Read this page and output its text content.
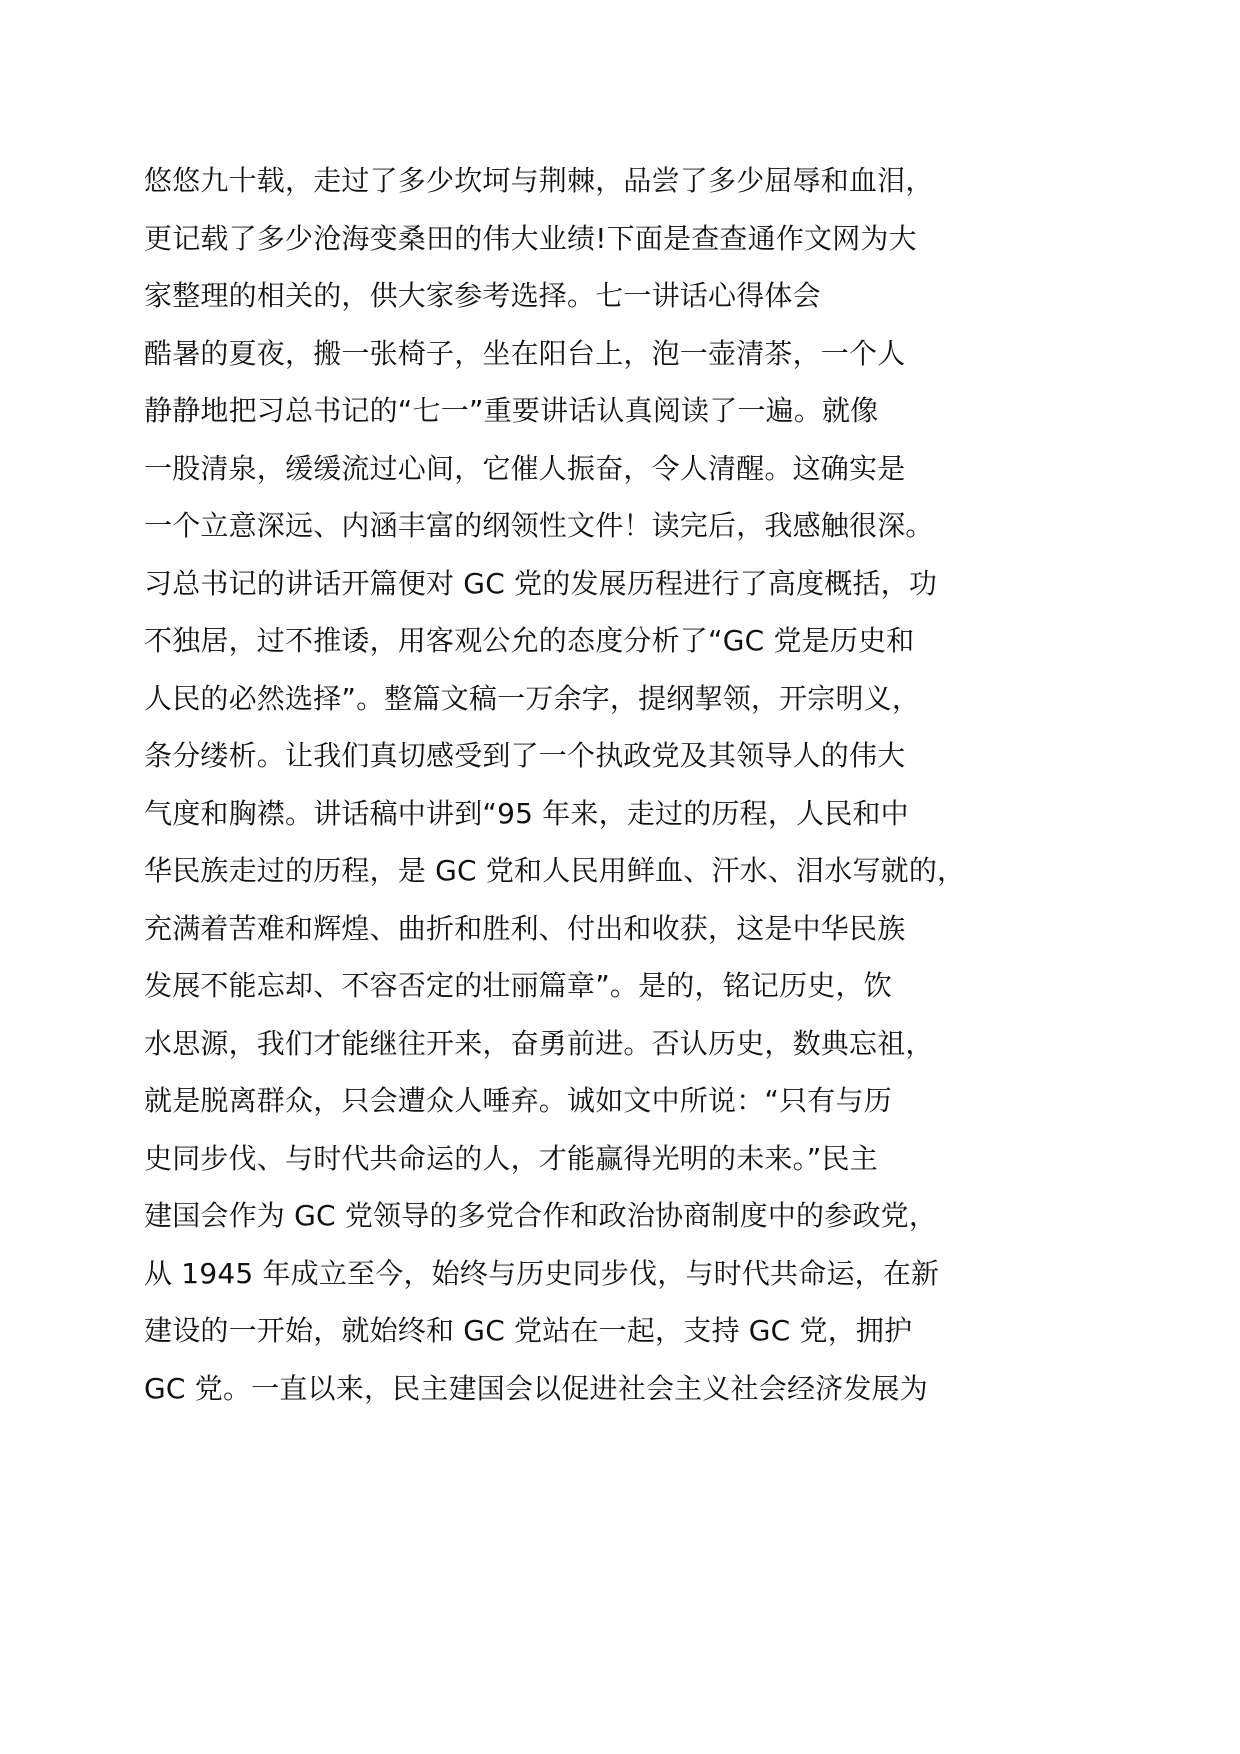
悠悠九十载，走过了多少坎坷与荆棘，品尝了多少屈辱和血泪，
更记载了多少沧海变桑田的伟大业绩!下面是查查通作文网为大
家整理的相关的，供大家参考选择。七一讲话心得体会
酷暑的夏夜，搬一张椅子，坐在阳台上，泡一壶清茶，一个人
静静地把习总书记的“七一”重要讲话认真阅读了一遍。就像
一股清泉，缓缓流过心间，它催人振奋，令人清醒。这确实是
一个立意深远、内涵丰富的纲领性文件！读完后，我感触很深。
习总书记的讲话开篇便对 GC 党的发展历程进行了高度概括，功
不独居，过不推诿，用客观公允的态度分析了“GC 党是历史和
人民的必然选择”。整篇文稿一万余字，提纲挈领，开宗明义，
条分缕析。让我们真切感受到了一个执政党及其领导人的伟大
气度和胸襟。讲话稿中讲到“95 年来，走过的历程，人民和中
华民族走过的历程，是 GC 党和人民用鲜血、汗水、泪水写就的，
充满着苦难和辉煌、曲折和胜利、付出和收获，这是中华民族
发展不能忘却、不容否定的壮丽篇章”。是的，铭记历史，饮
水思源，我们才能继往开来，奋勇前进。否认历史，数典忘祖，
就是脱离群众，只会遭众人唾弃。诚如文中所说：“只有与历
史同步伐、与时代共命运的人，才能赢得光明的未来。”民主
建国会作为 GC 党领导的多党合作和政治协商制度中的参政党，
从 1945 年成立至今，始终与历史同步伐，与时代共命运，在新
建设的一开始，就始终和 GC 党站在一起，支持 GC 党，拥护
GC 党。一直以来，民主建国会以促进社会主义社会经济发展为
